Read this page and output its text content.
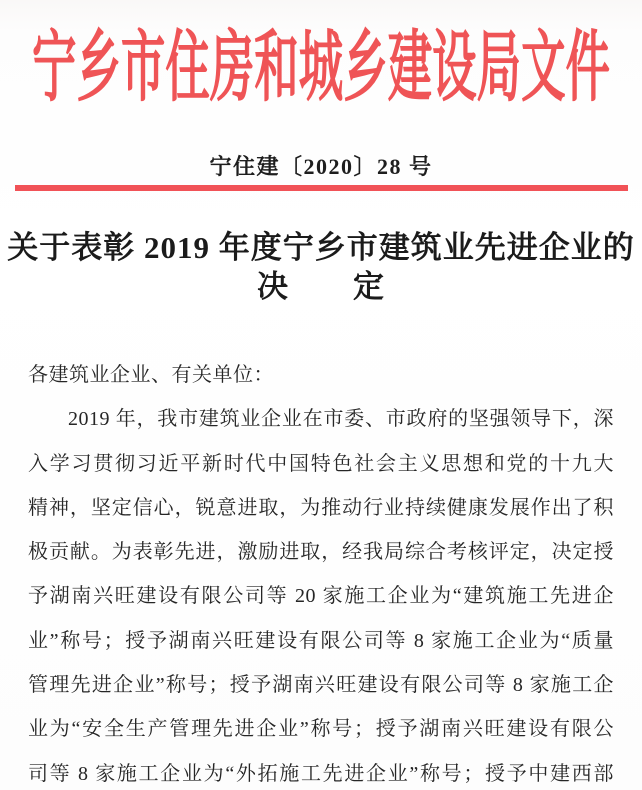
宁乡市住房和城乡建设局文件
宁住建〔2020〕28 号
关于表彰 2019 年度宁乡市建筑业先进企业的
决　　定
各建筑业企业、有关单位：
2019 年，我市建筑业企业在市委、市政府的坚强领导下，深
入学习贯彻习近平新时代中国特色社会主义思想和党的十九大
精神，坚定信心，锐意进取，为推动行业持续健康发展作出了积
极贡献。为表彰先进，激励进取，经我局综合考核评定，决定授
予湖南兴旺建设有限公司等 20 家施工企业为“建筑施工先进企
业”称号；授予湖南兴旺建设有限公司等 8 家施工企业为“质量
管理先进企业”称号；授予湖南兴旺建设有限公司等 8 家施工企
业为“安全生产管理先进企业”称号；授予湖南兴旺建设有限公
司等 8 家施工企业为“外拓施工先进企业”称号；授予中建西部
